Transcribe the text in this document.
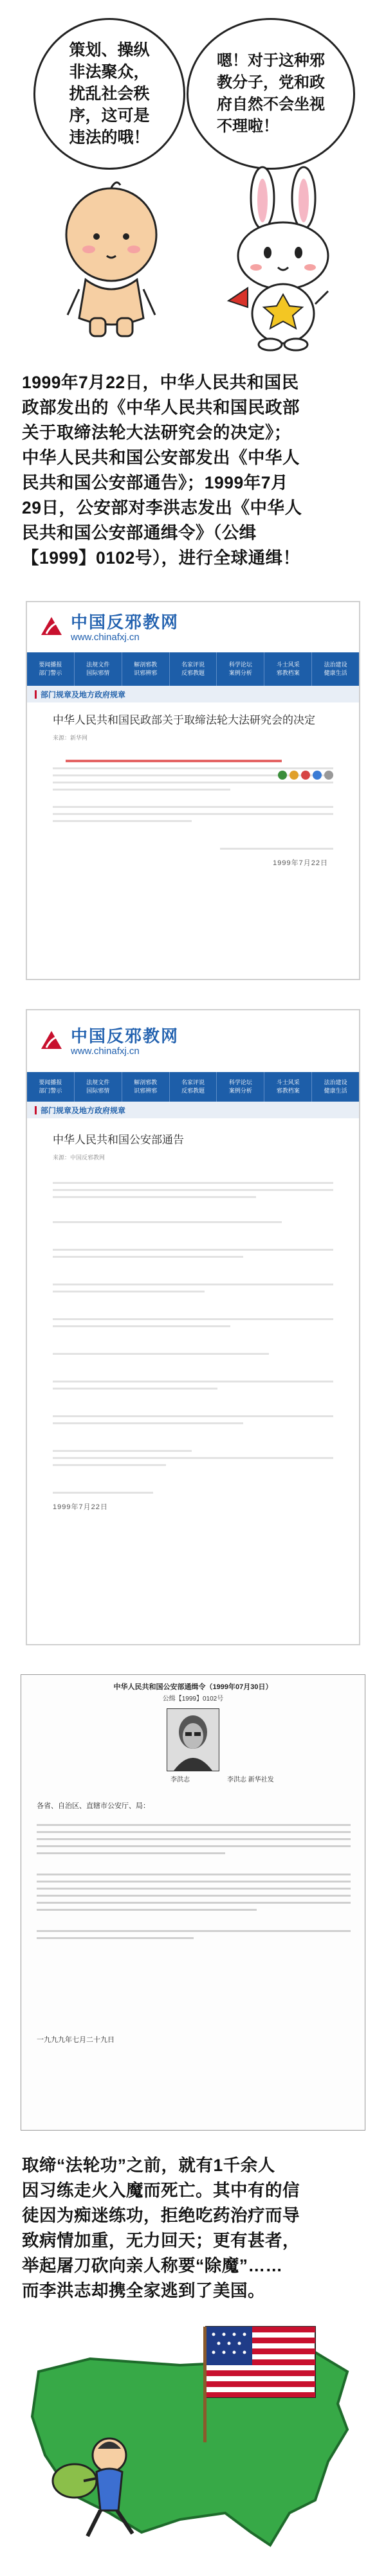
策划、操纵
非法聚众，
扰乱社会秩
序，这可是
违法的哦！
嗯！对于这种邪
教分子，党和政
府自然不会坐视
不理啦！
1999年7月22日，中华人民共和国民
政部发出的《中华人民共和国民政部
关于取缔法轮大法研究会的决定》；
中华人民共和国公安部发出《中华人
民共和国公安部通告》；1999年7月
29日，公安部对李洪志发出《中华人
民共和国公安部通缉令》（公缉
【1999】0102号），进行全球通缉！
中国反邪教网
www.chinafxj.cn
要闻播报
部门警示
法规文件
国际邪情
解剖邪教
识邪辨邪
名家评说
反邪教题
科学论坛
案例分析
斗士风采
邪教档案
法治建设
健康生活
部门规章及地方政府规章
中华人民共和国民政部关于取缔法轮大法研究会的决定
来源：新华网
1999年7月22日
中国反邪教网
www.chinafxj.cn
要闻播报
部门警示
法规文件
国际邪情
解剖邪教
识邪辨邪
名家评说
反邪教题
科学论坛
案例分析
斗士风采
邪教档案
法治建设
健康生活
部门规章及地方政府规章
中华人民共和国公安部通告
来源：中国反邪教网
1999年7月22日
中华人民共和国公安部通缉令（1999年07月30日）
公缉【1999】0102号
李洪志	李洪志 新华社发
各省、自治区、直辖市公安厅、局：
一九九九年七月二十九日
取缔“法轮功”之前，就有1千余人
因习练走火入魔而死亡。其中有的信
徒因为痴迷练功，拒绝吃药治疗而导
致病情加重，无力回天；更有甚者，
举起屠刀砍向亲人称要“除魔”……
而李洪志却携全家逃到了美国。
